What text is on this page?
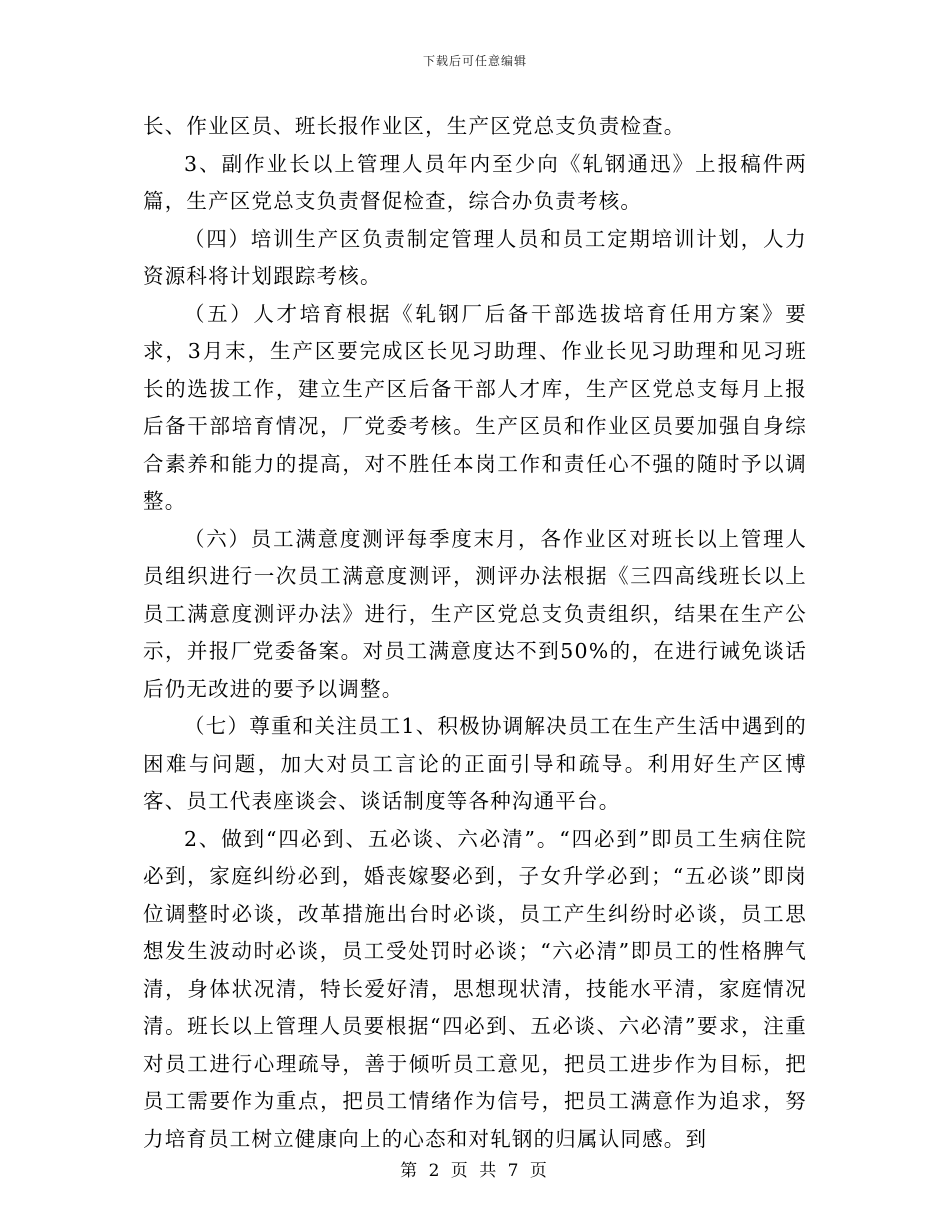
下载后可任意编辑

长、作业区员、班长报作业区，生产区党总支负责检查。

3、副作业长以上管理人员年内至少向《轧钢通迅》上报稿件两篇，生产区党总支负责督促检查，综合办负责考核。

（四）培训生产区负责制定管理人员和员工定期培训计划，人力资源科将计划跟踪考核。

（五）人才培育根据《轧钢厂后备干部选拔培育任用方案》要求，3月末，生产区要完成区长见习助理、作业长见习助理和见习班长的选拔工作，建立生产区后备干部人才库，生产区党总支每月上报后备干部培育情况，厂党委考核。生产区员和作业区员要加强自身综合素养和能力的提高，对不胜任本岗工作和责任心不强的随时予以调整。

（六）员工满意度测评每季度末月，各作业区对班长以上管理人员组织进行一次员工满意度测评，测评办法根据《三四高线班长以上员工满意度测评办法》进行，生产区党总支负责组织，结果在生产公示，并报厂党委备案。对员工满意度达不到50%的，在进行诫免谈话后仍无改进的要予以调整。

（七）尊重和关注员工1、积极协调解决员工在生产生活中遇到的困难与问题，加大对员工言论的正面引导和疏导。利用好生产区博客、员工代表座谈会、谈话制度等各种沟通平台。

2、做到“四必到、五必谈、六必清”。“四必到”即员工生病住院必到，家庭纠纷必到，婚丧嫁娶必到，子女升学必到；“五必谈”即岗位调整时必谈，改革措施出台时必谈，员工产生纠纷时必谈，员工思想发生波动时必谈，员工受处罚时必谈；“六必清”即员工的性格脾气清，身体状况清，特长爱好清，思想现状清，技能水平清，家庭情况清。班长以上管理人员要根据“四必到、五必谈、六必清”要求，注重对员工进行心理疏导，善于倾听员工意见，把员工进步作为目标，把员工需要作为重点，把员工情绪作为信号，把员工满意作为追求，努力培育员工树立健康向上的心态和对轧钢的归属认同感。到

第 2 页 共 7 页
